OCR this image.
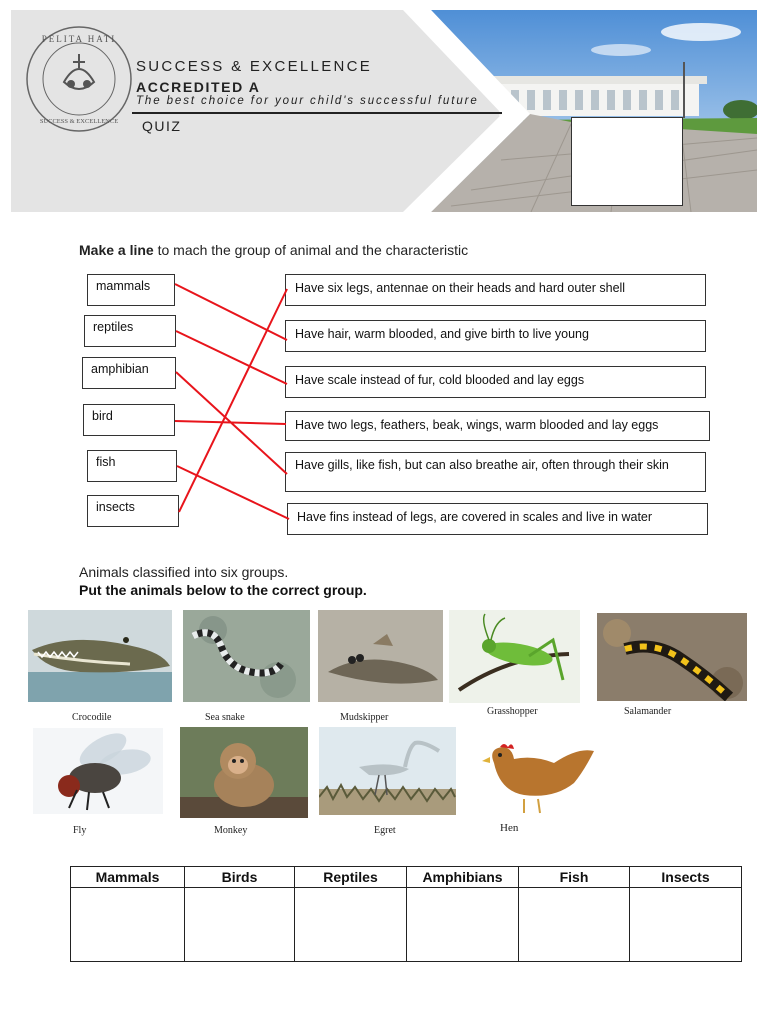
PELITA HATI
SUCCESS & EXCELLENCE
SUCCESS & EXCELLENCE
ACCREDITED A
The best choice for your child's successful future
QUIZ
Make a line to mach the group of animal and the characteristic
mammals
reptiles
amphibian
bird
fish
insects
Have six legs, antennae on their heads and hard outer shell
Have hair, warm blooded, and give birth to live young
Have scale instead of fur, cold blooded and lay eggs
Have two legs, feathers, beak, wings, warm blooded and lay eggs
Have gills, like fish, but can also breathe air, often through their skin
Have fins instead of legs, are covered in scales and live in water
Animals classified into six groups.
Put the animals below to the correct group.
Crocodile	Sea snake	Mudskipper
Grasshopper	Salamander
Fly	Monkey	Egret	Hen
Mammals	Birds	Reptiles	Amphibians	Fish	Insects
